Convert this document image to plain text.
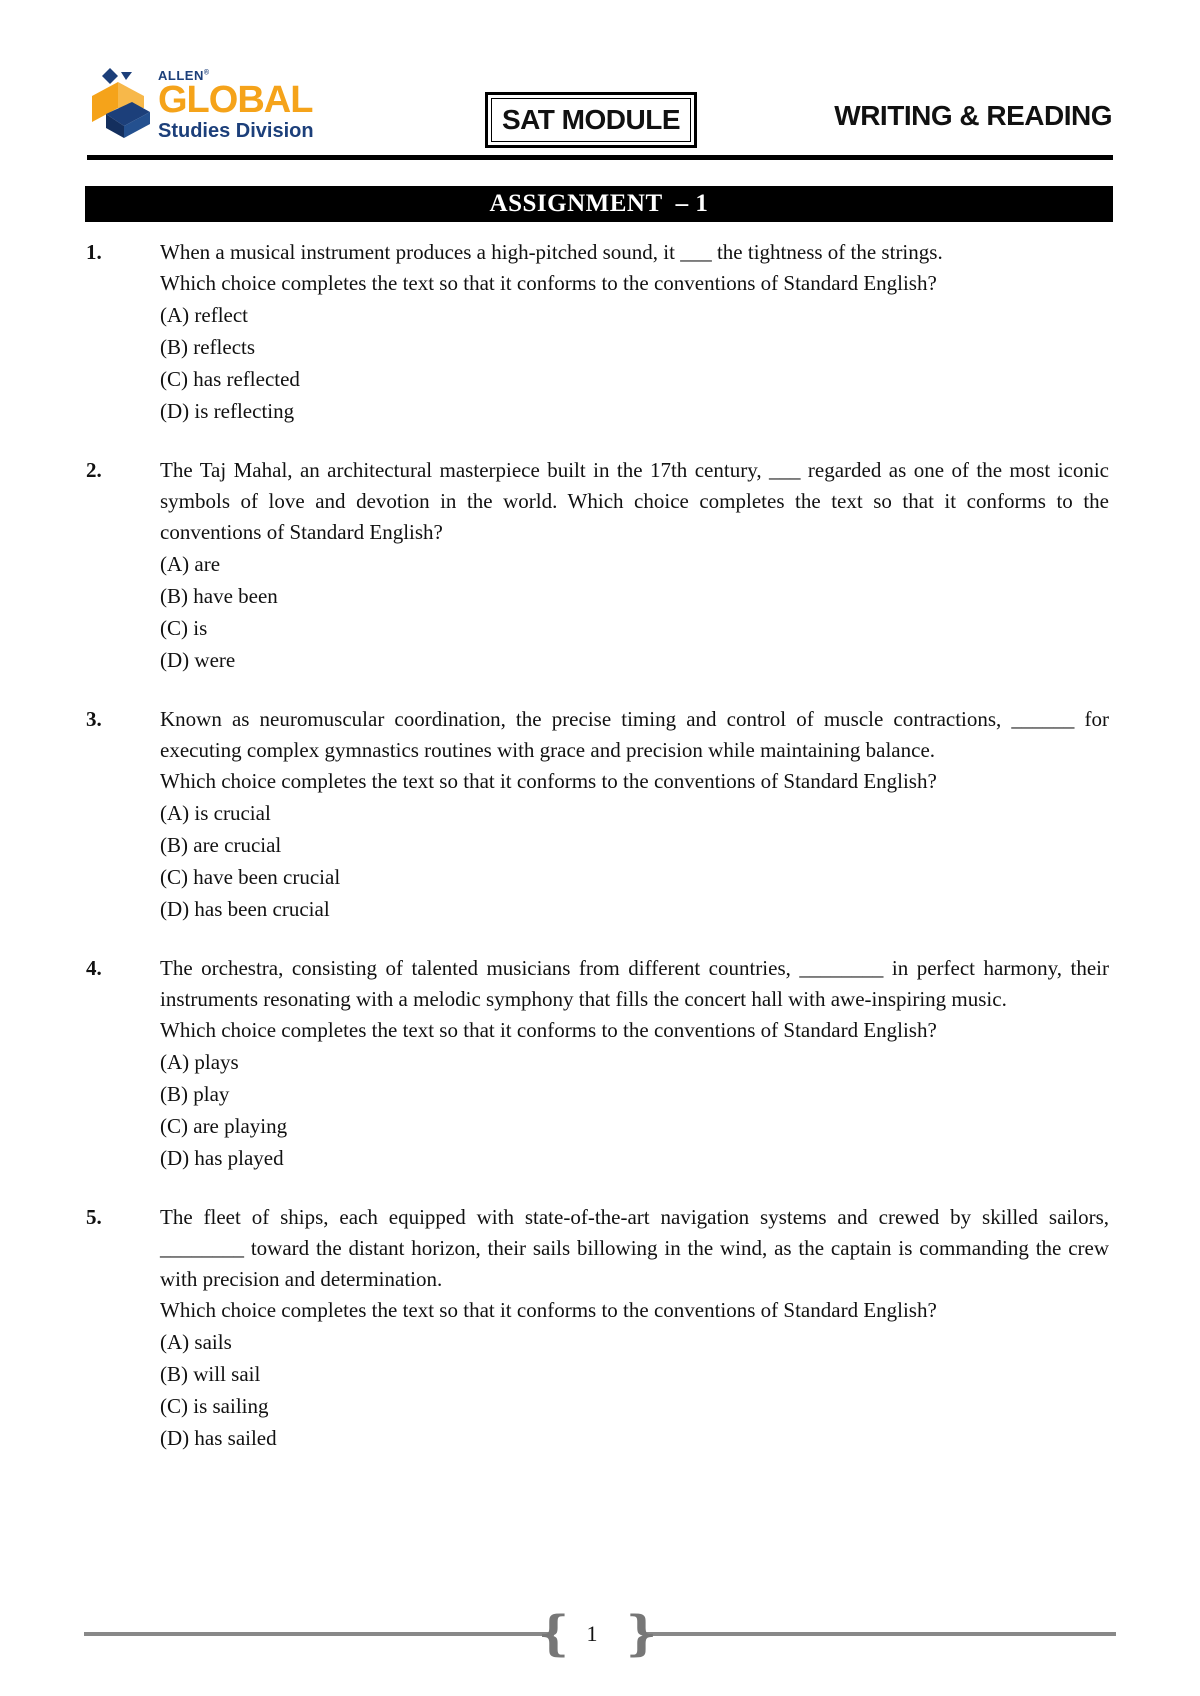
ALLEN®
GLOBAL
Studies Division	SAT MODULE	WRITING & READING
ASSIGNMENT  – 1
1.	When a musical instrument produces a high-pitched sound, it ___ the tightness of the strings.
Which choice completes the text so that it conforms to the conventions of Standard English?
(A) reflect
(B) reflects
(C) has reflected
(D) is reflecting
2.	The Taj Mahal, an architectural masterpiece built in the 17th century, ___ regarded as one of the most iconic symbols of love and devotion in the world. Which choice completes the text so that it conforms to the conventions of Standard English?
(A) are
(B) have been
(C) is
(D) were
3.	Known as neuromuscular coordination, the precise timing and control of muscle contractions, ______ for executing complex gymnastics routines with grace and precision while maintaining balance.
Which choice completes the text so that it conforms to the conventions of Standard English?
(A) is crucial
(B) are crucial
(C) have been crucial
(D) has been crucial
4.	The orchestra, consisting of talented musicians from different countries, ________ in perfect harmony, their instruments resonating with a melodic symphony that fills the concert hall with awe-inspiring music.
Which choice completes the text so that it conforms to the conventions of Standard English?
(A) plays
(B) play
(C) are playing
(D) has played
5.	The fleet of ships, each equipped with state-of-the-art navigation systems and crewed by skilled sailors, ________ toward the distant horizon, their sails billowing in the wind, as the captain is commanding the crew with precision and determination.
Which choice completes the text so that it conforms to the conventions of Standard English?
(A) sails
(B) will sail
(C) is sailing
(D) has sailed
{ }
1
